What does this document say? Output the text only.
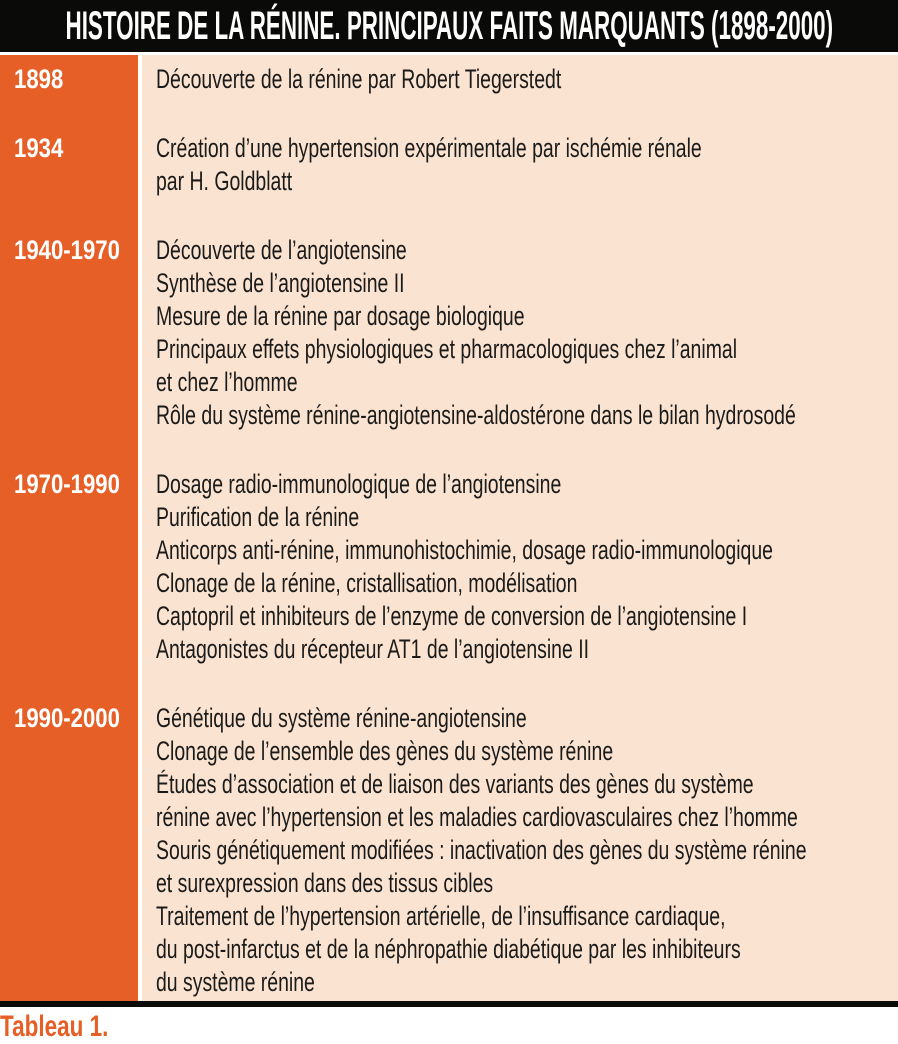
HISTOIRE DE LA RÉNINE. PRINCIPAUX FAITS MARQUANTS (1898-2000)
1898	Découverte de la rénine par Robert Tiegerstedt
1934	Création d’une hypertension expérimentale par ischémie rénale
par H. Goldblatt
1940-1970	Découverte de l’angiotensine
Synthèse de l’angiotensine II
Mesure de la rénine par dosage biologique
Principaux effets physiologiques et pharmacologiques chez l’animal
et chez l’homme
Rôle du système rénine-angiotensine-aldostérone dans le bilan hydrosodé
1970-1990	Dosage radio-immunologique de l’angiotensine
Purification de la rénine
Anticorps anti-rénine, immunohistochimie, dosage radio-immunologique
Clonage de la rénine, cristallisation, modélisation
Captopril et inhibiteurs de l’enzyme de conversion de l’angiotensine I
Antagonistes du récepteur AT1 de l’angiotensine II
1990-2000	Génétique du système rénine-angiotensine
Clonage de l’ensemble des gènes du système rénine
Études d’association et de liaison des variants des gènes du système
rénine avec l’hypertension et les maladies cardiovasculaires chez l’homme
Souris génétiquement modifiées : inactivation des gènes du système rénine
et surexpression dans des tissus cibles
Traitement de l’hypertension artérielle, de l’insuffisance cardiaque,
du post-infarctus et de la néphropathie diabétique par les inhibiteurs
du système rénine
Tableau 1.
